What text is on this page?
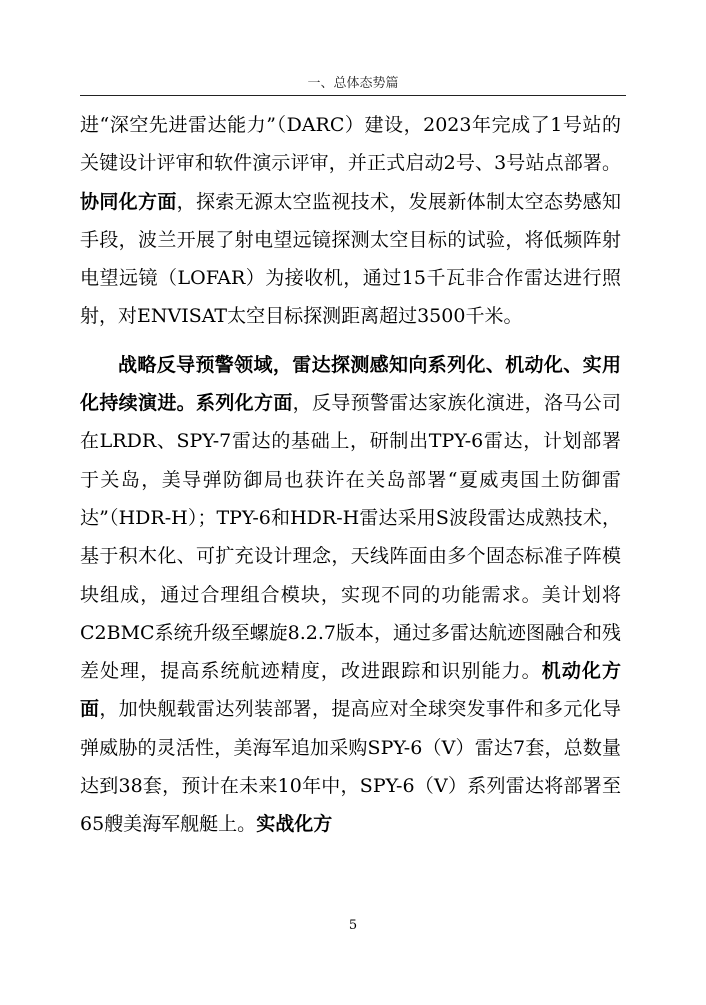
一、总体态势篇

进“深空先进雷达能力”（DARC）建设，2023年完成了1号站的关键设计评审和软件演示评审，并正式启动2号、3号站点部署。协同化方面，探索无源太空监视技术，发展新体制太空态势感知手段，波兰开展了射电望远镜探测太空目标的试验，将低频阵射电望远镜（LOFAR）为接收机，通过15千瓦非合作雷达进行照射，对ENVISAT太空目标探测距离超过3500千米。

战略反导预警领域，雷达探测感知向系列化、机动化、实用化持续演进。系列化方面，反导预警雷达家族化演进，洛马公司在LRDR、SPY-7雷达的基础上，研制出TPY-6雷达，计划部署于关岛，美导弹防御局也获许在关岛部署“夏威夷国土防御雷达”（HDR-H）；TPY-6和HDR-H雷达采用S波段雷达成熟技术，基于积木化、可扩充设计理念，天线阵面由多个固态标准子阵模块组成，通过合理组合模块，实现不同的功能需求。美计划将C2BMC系统升级至螺旋8.2.7版本，通过多雷达航迹图融合和残差处理，提高系统航迹精度，改进跟踪和识别能力。机动化方面，加快舰载雷达列装部署，提高应对全球突发事件和多元化导弹威胁的灵活性，美海军追加采购SPY-6（V）雷达7套，总数量达到38套，预计在未来10年中，SPY-6（V）系列雷达将部署至65艘美海军舰艇上。实战化方

5
